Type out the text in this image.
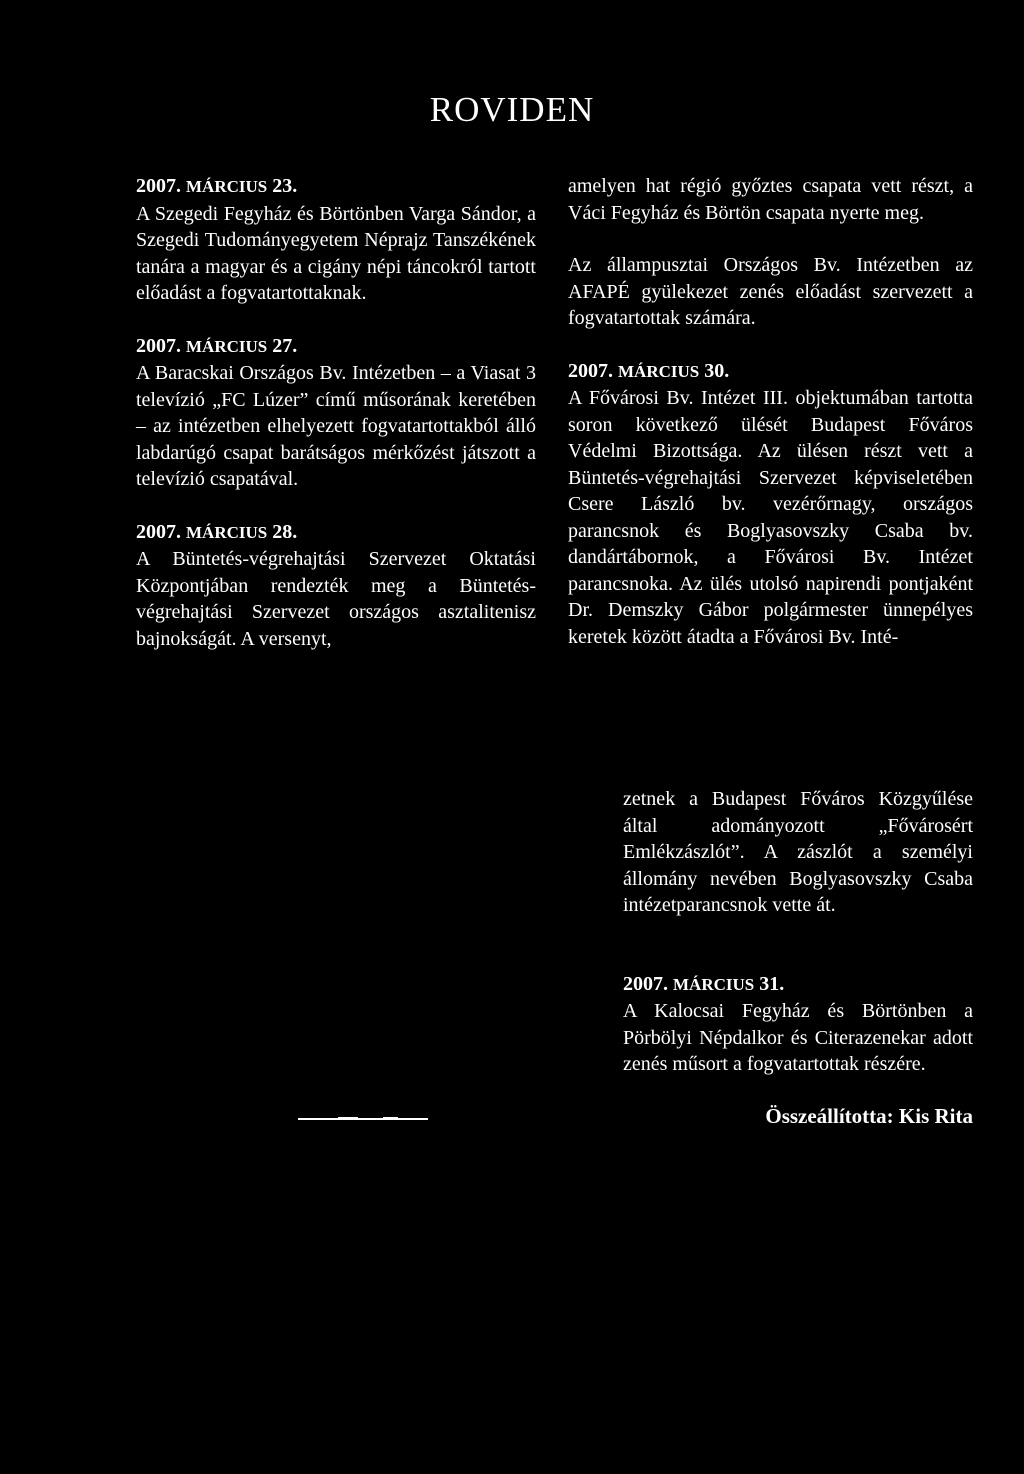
ROVIDEN

2007. MÁRCIUS 23.

A Szegedi Fegyház és Börtönben Varga Sándor, a Szegedi Tudományegyetem Néprajz Tanszékének tanára a magyar és a cigány népi táncokról tartott előadást a fogvatartottaknak.

2007. MÁRCIUS 27.

A Baracskai Országos Bv. Intézetben – a Viasat 3 televízió „FC Lúzer” című műsorának keretében – az intézetben elhelyezett fogvatartottakból álló labdarúgó csapat barátságos mérkőzést játszott a televízió csapatával.

2007. MÁRCIUS 28.

A Büntetés-végrehajtási Szervezet Oktatási Központjában rendezték meg a Büntetés-végrehajtási Szervezet országos asztalitenisz bajnokságát. A versenyt,

amelyen hat régió győztes csapata vett részt, a Váci Fegyház és Börtön csapata nyerte meg.

Az állampusztai Országos Bv. Intézetben az AFAPÉ gyülekezet zenés előadást szervezett a fogvatartottak számára.

2007. MÁRCIUS 30.

A Fővárosi Bv. Intézet III. objektumában tartotta soron következő ülését Budapest Főváros Védelmi Bizottsága. Az ülésen részt vett a Büntetés-végrehajtási Szervezet képviseletében Csere László bv. vezérőrnagy, országos parancsnok és Boglyasovszky Csaba bv. dandártábornok, a Fővárosi Bv. Intézet parancsnoka. Az ülés utolsó napirendi pontjaként Dr. Demszky Gábor polgármester ünnepélyes keretek között átadta a Fővárosi Bv. Inté-

zetnek a Budapest Főváros Közgyűlése által adományozott „Fővárosért Emlékzászlót”. A zászlót a személyi állomány nevében Boglyasovszky Csaba intézetparancsnok vette át.

2007. MÁRCIUS 31.

A Kalocsai Fegyház és Börtönben a Pörbölyi Népdalkor és Citerazenekar adott zenés műsort a fogvatartottak részére.

Összeállította: Kis Rita
